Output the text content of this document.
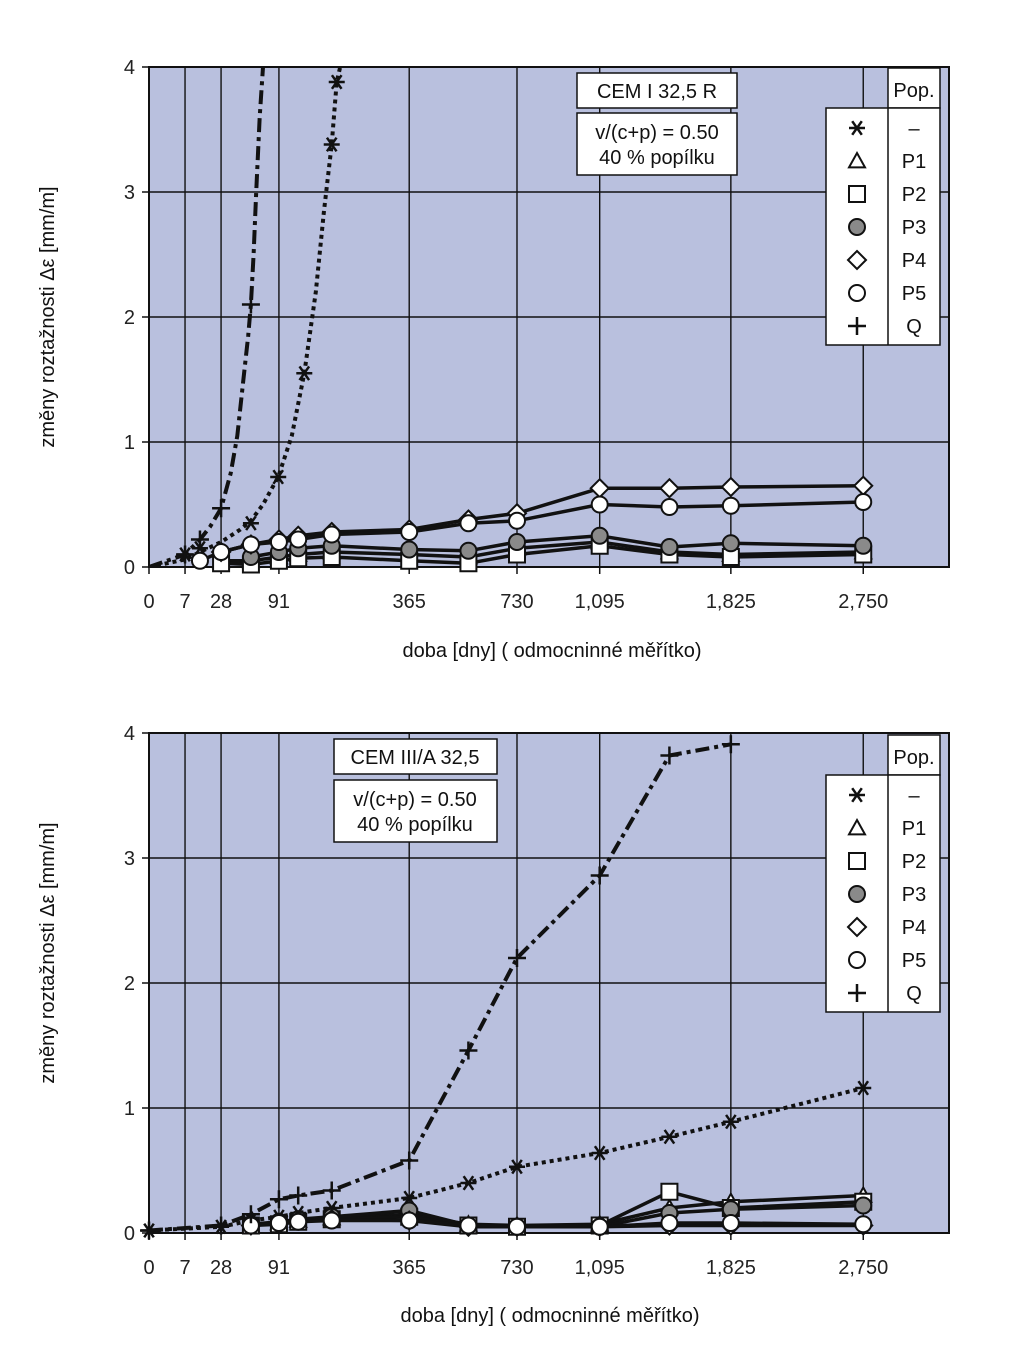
0 7 28 91	365	730 1,095	1,825	2,750
0
1
2
3
4
doba [dny] ( odmocninné měřítko)
změny roztažnosti Δε [mm/m]
CEM I 32,5 R
v/(c+p) = 0.50
40 % popílku
Pop.
–
P1
P2
P3
P4
P5
Q
0 7 28 91	365	730 1,095	1,825	2,750
0
1
2
3
4
doba [dny] ( odmocninné měřítko)
změny roztažnosti Δε [mm/m]
CEM III/A 32,5
v/(c+p) = 0.50
40 % popílku
Pop.
–
P1
P2
P3
P4
P5
Q
